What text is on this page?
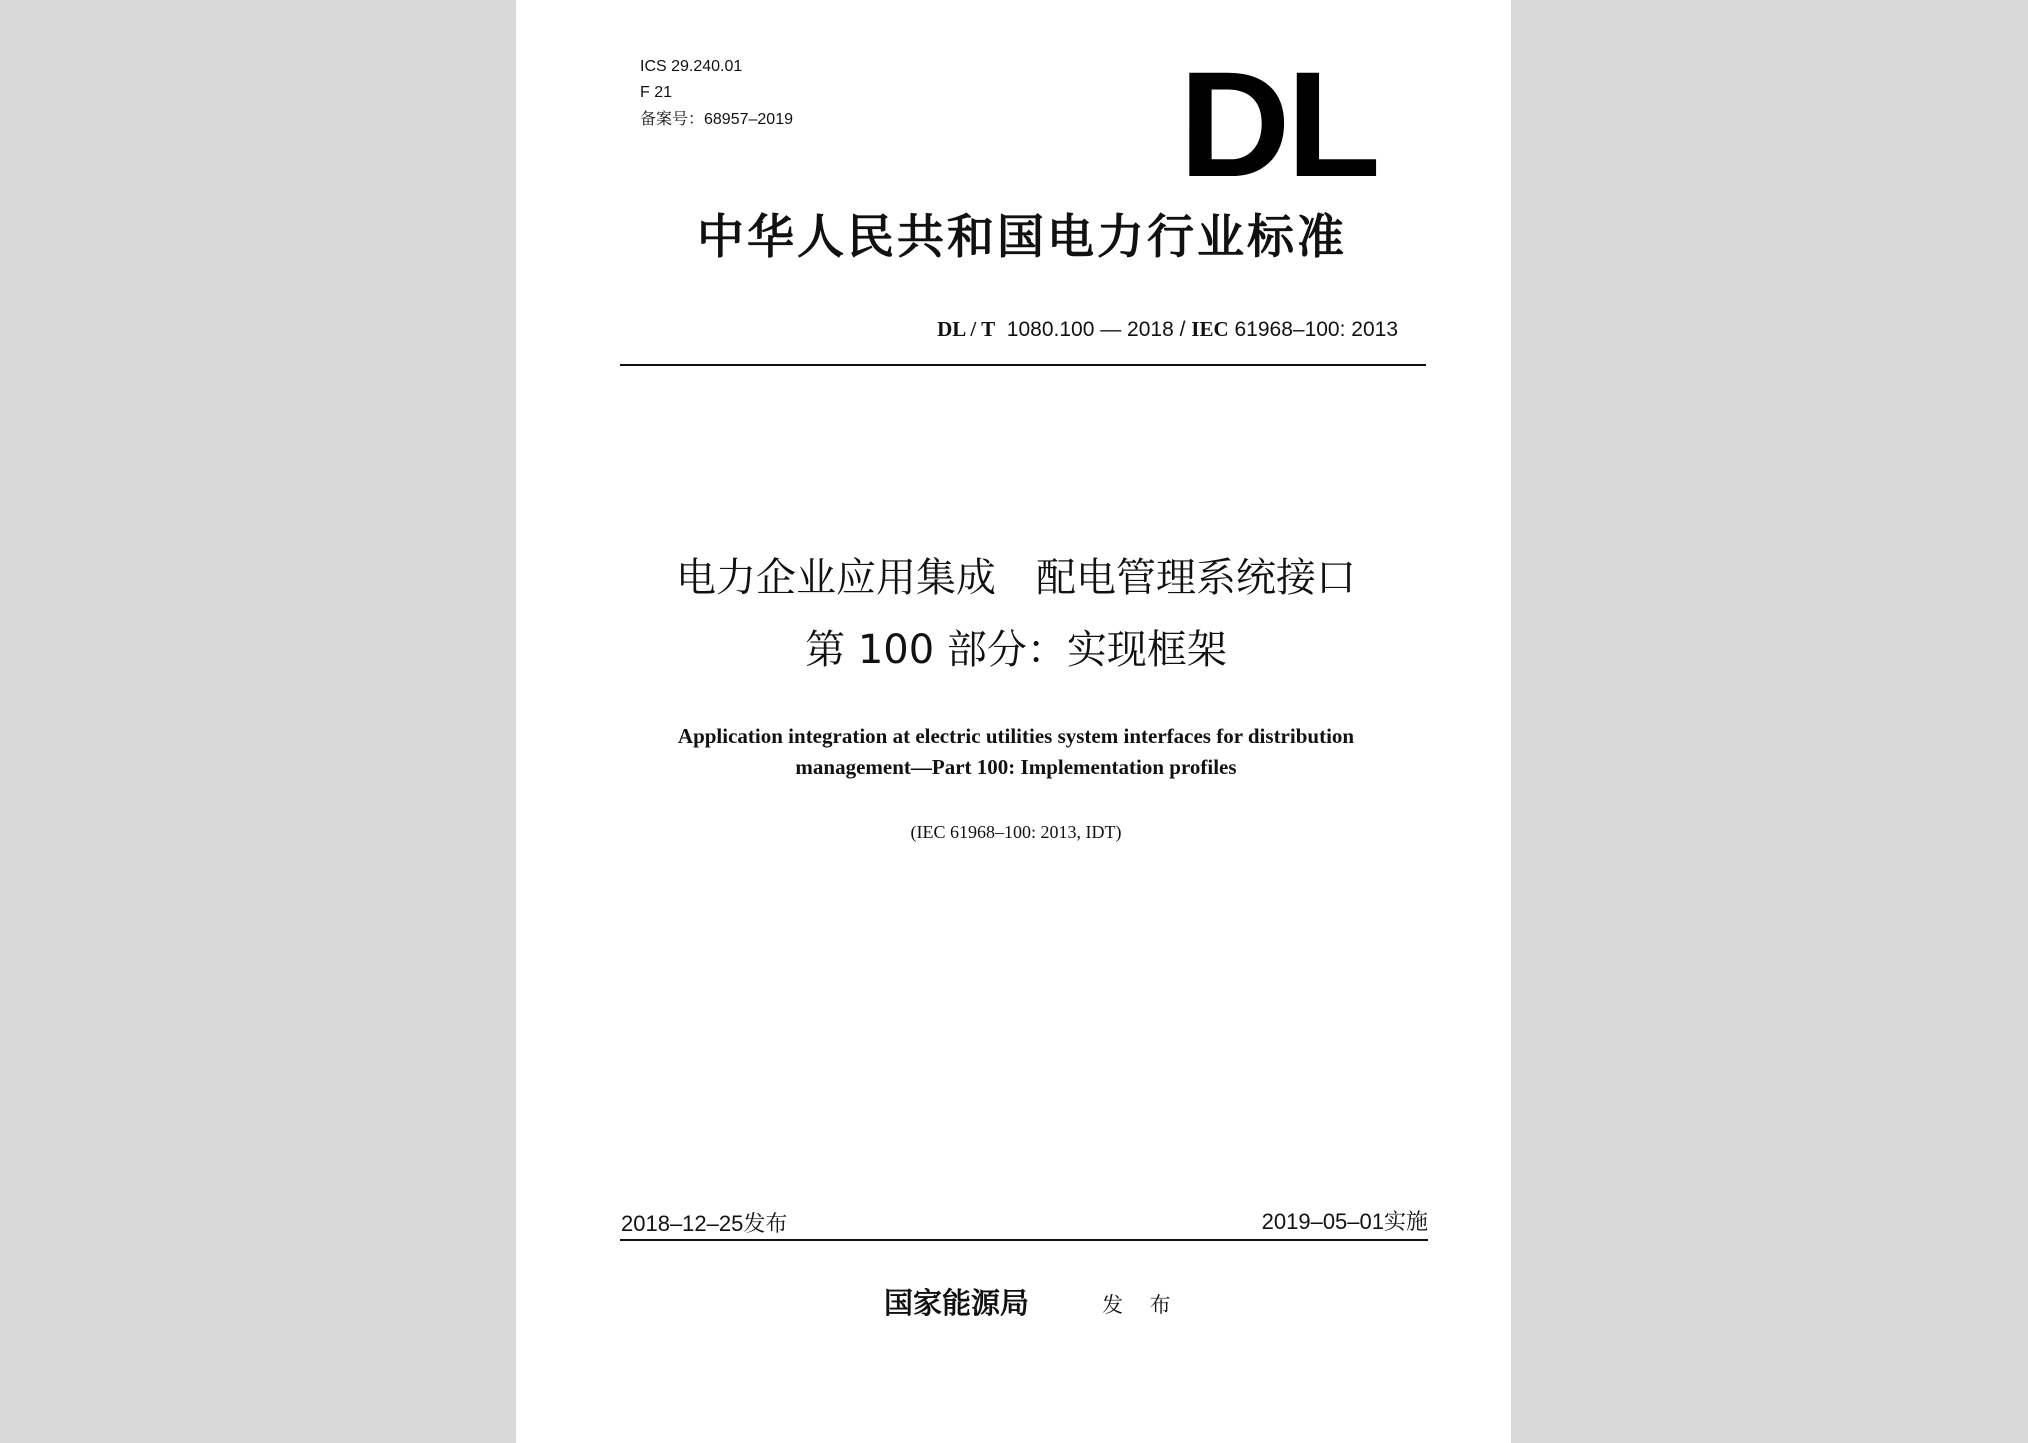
ICS 29.240.01
F 21
备案号：68957–2019	DL
中华人民共和国电力行业标准
DL / T 1080.100 — 2018 / IEC 61968–100: 2013
电力企业应用集成　配电管理系统接口
第 100 部分：实现框架
Application integration at electric utilities system interfaces for distribution
management—Part 100: Implementation profiles
(IEC 61968–100: 2013, IDT)
2018–12–25发布	2019–05–01实施
国家能源局	发 布
